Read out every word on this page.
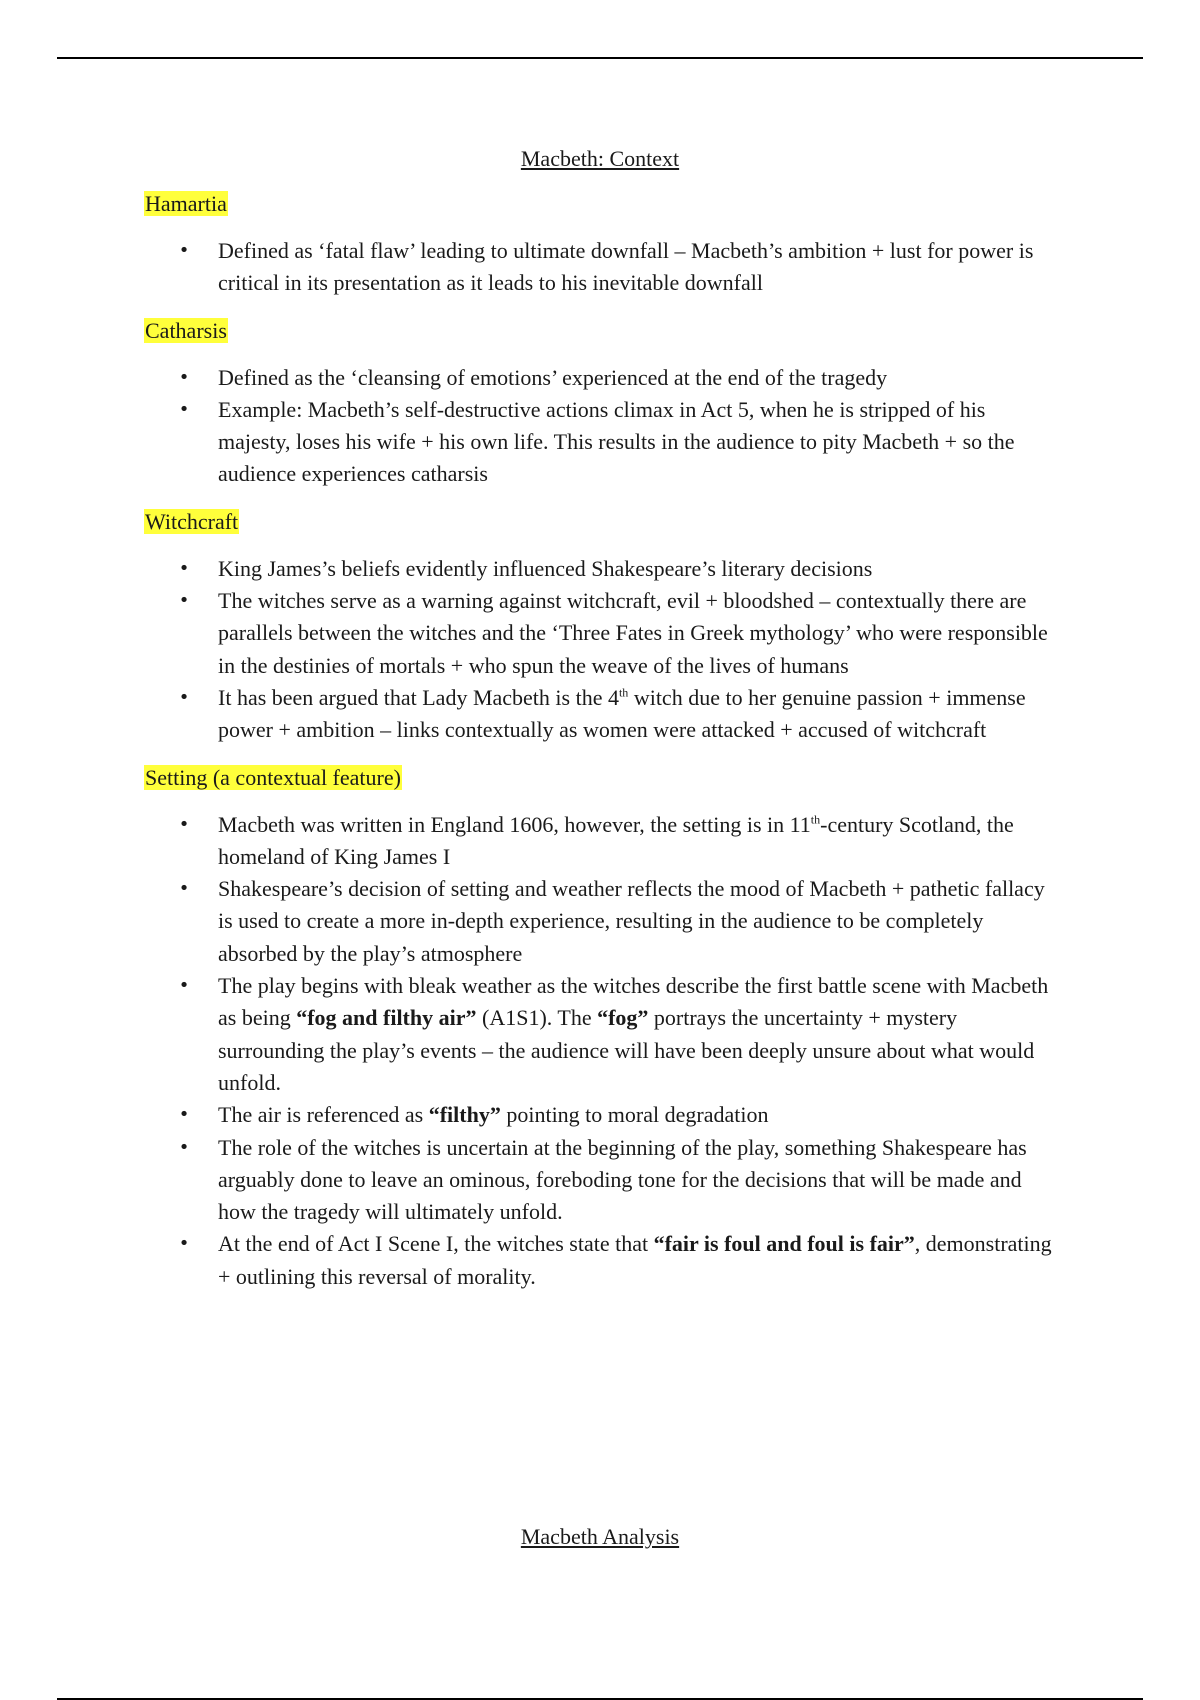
Macbeth: Context
Hamartia
• Defined as ‘fatal flaw’ leading to ultimate downfall – Macbeth’s ambition + lust for power is critical in its presentation as it leads to his inevitable downfall
Catharsis
• Defined as the ‘cleansing of emotions’ experienced at the end of the tragedy
• Example: Macbeth’s self-destructive actions climax in Act 5, when he is stripped of his majesty, loses his wife + his own life. This results in the audience to pity Macbeth + so the audience experiences catharsis
Witchcraft
• King James’s beliefs evidently influenced Shakespeare’s literary decisions
• The witches serve as a warning against witchcraft, evil + bloodshed – contextually there are parallels between the witches and the ‘Three Fates in Greek mythology’ who were responsible in the destinies of mortals + who spun the weave of the lives of humans
• It has been argued that Lady Macbeth is the 4th witch due to her genuine passion + immense power + ambition – links contextually as women were attacked + accused of witchcraft
Setting (a contextual feature)
• Macbeth was written in England 1606, however, the setting is in 11th-century Scotland, the homeland of King James I
• Shakespeare’s decision of setting and weather reflects the mood of Macbeth + pathetic fallacy is used to create a more in-depth experience, resulting in the audience to be completely absorbed by the play’s atmosphere
• The play begins with bleak weather as the witches describe the first battle scene with Macbeth as being “fog and filthy air” (A1S1). The “fog” portrays the uncertainty + mystery surrounding the play’s events – the audience will have been deeply unsure about what would unfold.
• The air is referenced as “filthy” pointing to moral degradation
• The role of the witches is uncertain at the beginning of the play, something Shakespeare has arguably done to leave an ominous, foreboding tone for the decisions that will be made and how the tragedy will ultimately unfold.
• At the end of Act I Scene I, the witches state that “fair is foul and foul is fair”, demonstrating + outlining this reversal of morality.
Macbeth Analysis
